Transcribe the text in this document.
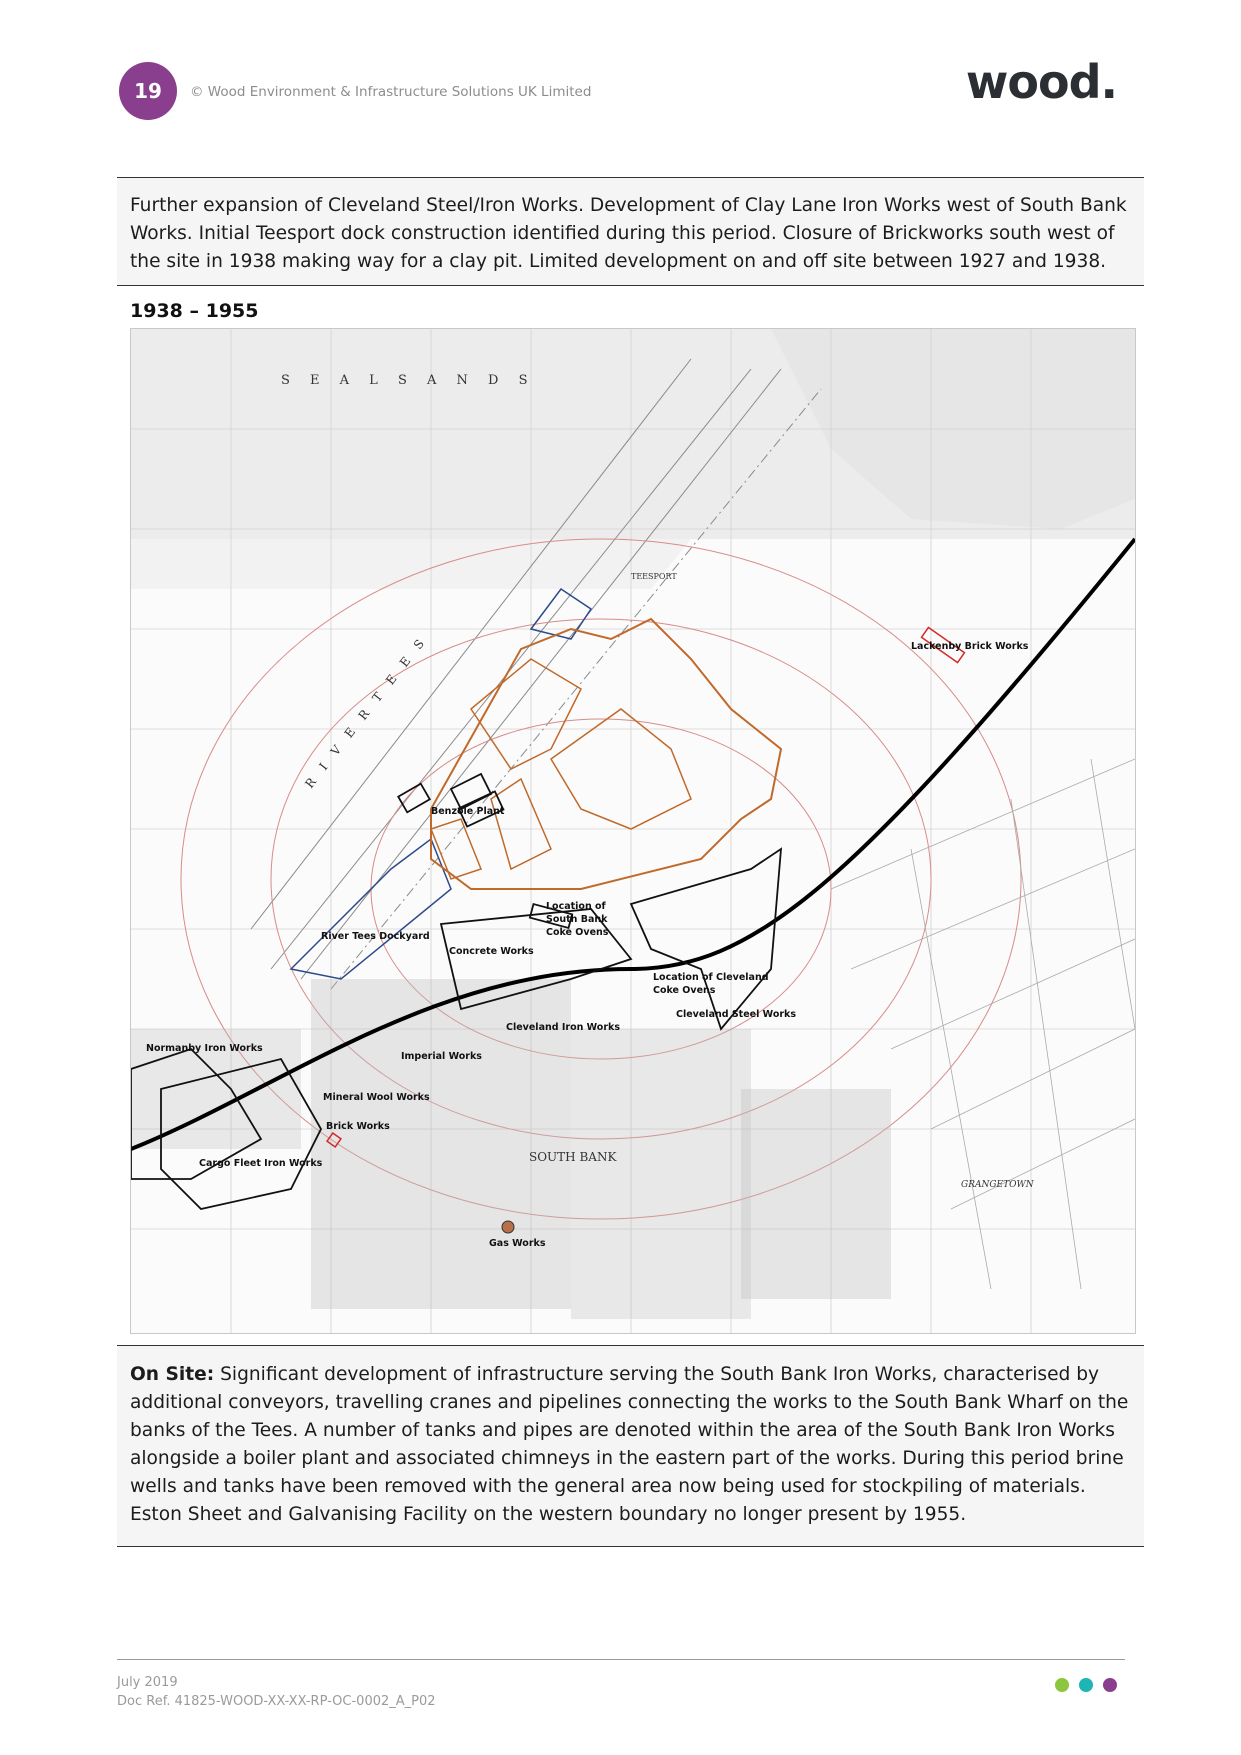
19	© Wood Environment & Infrastructure Solutions UK Limited	wood.

Further expansion of Cleveland Steel/Iron Works. Development of Clay Lane Iron Works west of South Bank Works. Initial Teesport dock construction identified during this period. Closure of Brickworks south west of the site in 1938 making way for a clay pit. Limited development on and off site between 1927 and 1938.

1938 – 1955
S E A L S A N D S
R I V E R T E E S
SOUTH BANK
GRANGETOWN
TEESPORT
Lackenby Brick Works
Benzole Plant
River Tees Dockyard
Concrete Works
Location of
South Bank
Coke Ovens
Location of Cleveland
Coke Ovens
Cleveland Steel Works
Cleveland Iron Works
Normanby Iron Works
Imperial Works
Mineral Wool Works
Brick Works
Cargo Fleet Iron Works
Gas Works

On Site: Significant development of infrastructure serving the South Bank Iron Works, characterised by additional conveyors, travelling cranes and pipelines connecting the works to the South Bank Wharf on the banks of the Tees. A number of tanks and pipes are denoted within the area of the South Bank Iron Works alongside a boiler plant and associated chimneys in the eastern part of the works. During this period brine wells and tanks have been removed with the general area now being used for stockpiling of materials. Eston Sheet and Galvanising Facility on the western boundary no longer present by 1955.

July 2019
Doc Ref. 41825-WOOD-XX-XX-RP-OC-0002_A_P02
